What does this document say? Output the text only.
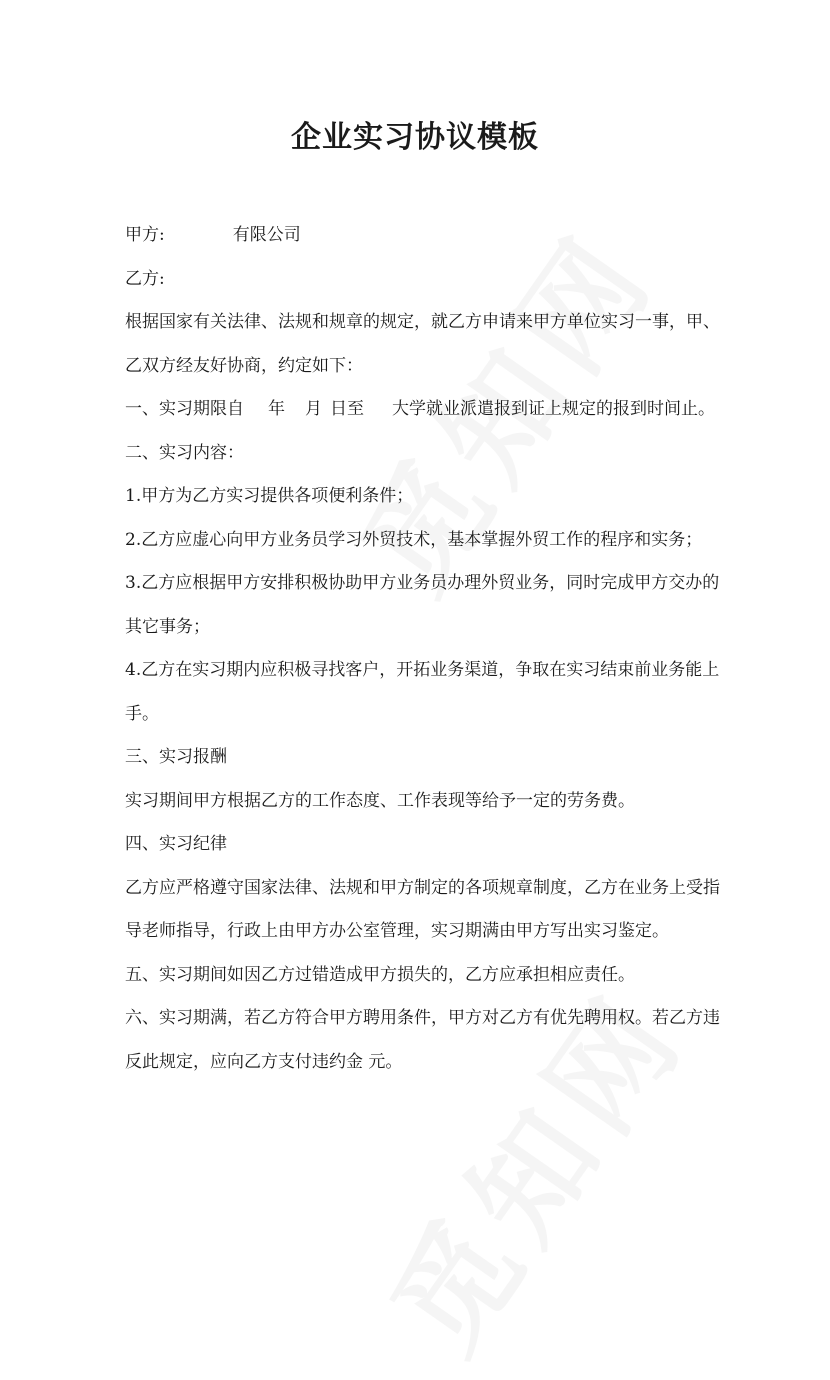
企业实习协议模板
甲方:	有限公司
乙方:
根据国家有关法律、法规和规章的规定，就乙方申请来甲方单位实习一事，甲、
乙双方经友好协商，约定如下：
一、实习期限自 年 月 日至 大学就业派遣报到证上规定的报到时间止。
二、实习内容：
1.甲方为乙方实习提供各项便利条件；
2.乙方应虚心向甲方业务员学习外贸技术，基本掌握外贸工作的程序和实务；
3.乙方应根据甲方安排积极协助甲方业务员办理外贸业务，同时完成甲方交办的
其它事务；
4.乙方在实习期内应积极寻找客户，开拓业务渠道，争取在实习结束前业务能上
手。
三、实习报酬
实习期间甲方根据乙方的工作态度、工作表现等给予一定的劳务费。
四、实习纪律
乙方应严格遵守国家法律、法规和甲方制定的各项规章制度，乙方在业务上受指
导老师指导，行政上由甲方办公室管理，实习期满由甲方写出实习鉴定。
五、实习期间如因乙方过错造成甲方损失的，乙方应承担相应责任。
六、实习期满，若乙方符合甲方聘用条件，甲方对乙方有优先聘用权。若乙方违
反此规定，应向乙方支付违约金 元。
